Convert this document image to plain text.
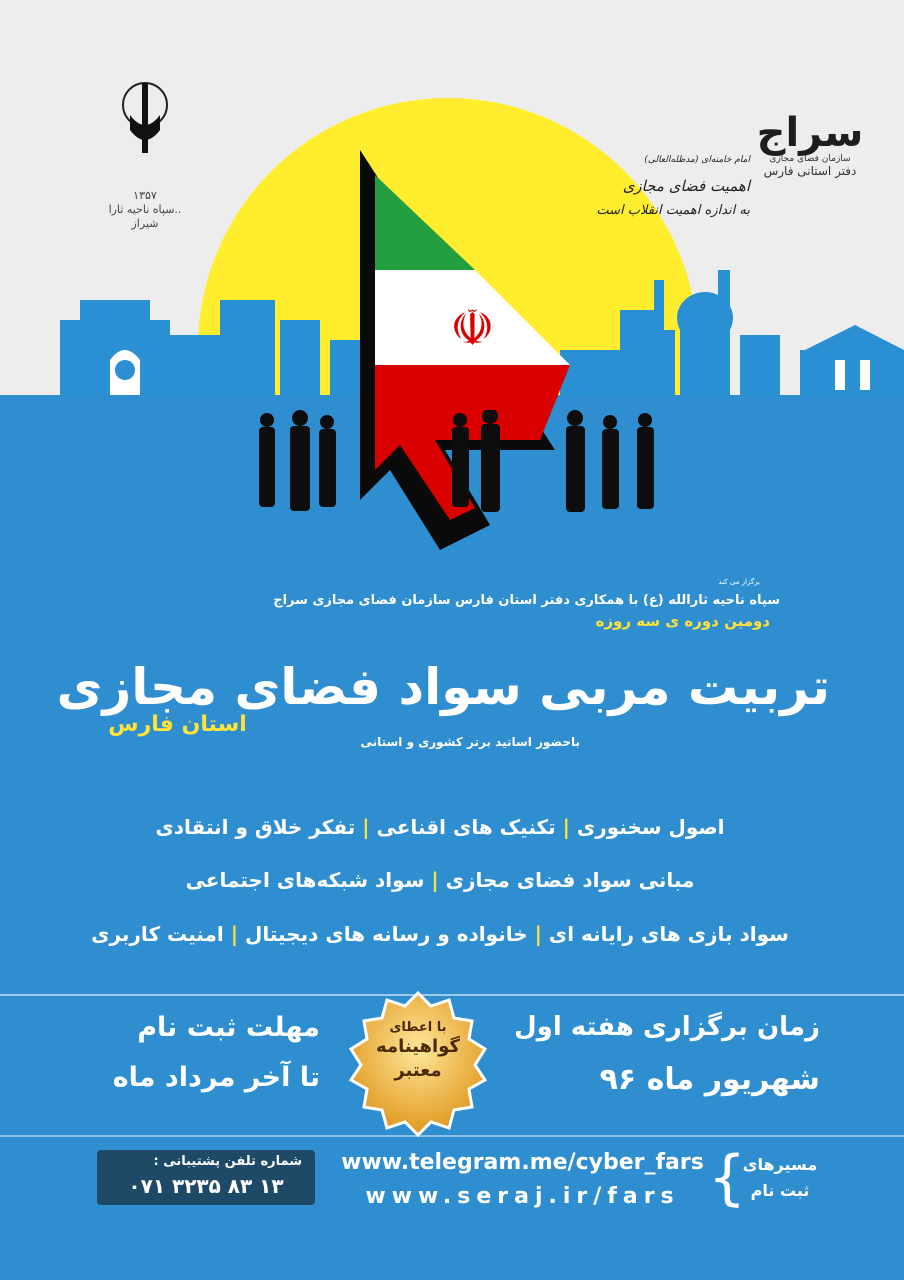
☫
سراج
سازمان فضای مجازی
دفتر استانی فارس
۱۳۵۷
سپاه ناحیه ثارا..
شیراز
امام خامنه‌ای (مدظله‌العالی)
اهمیت فضای مجازی
به اندازه اهمیت انقلاب است
برگزار می کند
سپاه ناحیه ثارالله (ع) با همکاری دفتر استان فارس سازمان فضای مجازی سراج
دومین دوره ی سه روزه
تربیت مربی سواد فضای مجازی
استان فارس
باحضور اساتید برتر کشوری و استانی
اصول سخنوری | تکنیک های اقناعی | تفکر خلاق و انتقادی
مبانی سواد فضای مجازی | سواد شبکه‌های اجتماعی
سواد بازی های رایانه ای | خانواده و رسانه های دیجیتال | امنیت کاربری
زمان برگزاری هفته اول
شهریور ماه ۹۶
مهلت ثبت نام
تا آخر مرداد ماه
با اعطای
گواهینامه
معتبر
مسیرهای
ثبت نام
{
www.telegram.me/cyber_fars
www.seraj.ir/fars
شماره تلفن پشتیبانی :
۰۷۱ ۳۲۳۵ ۸۳ ۱۳
